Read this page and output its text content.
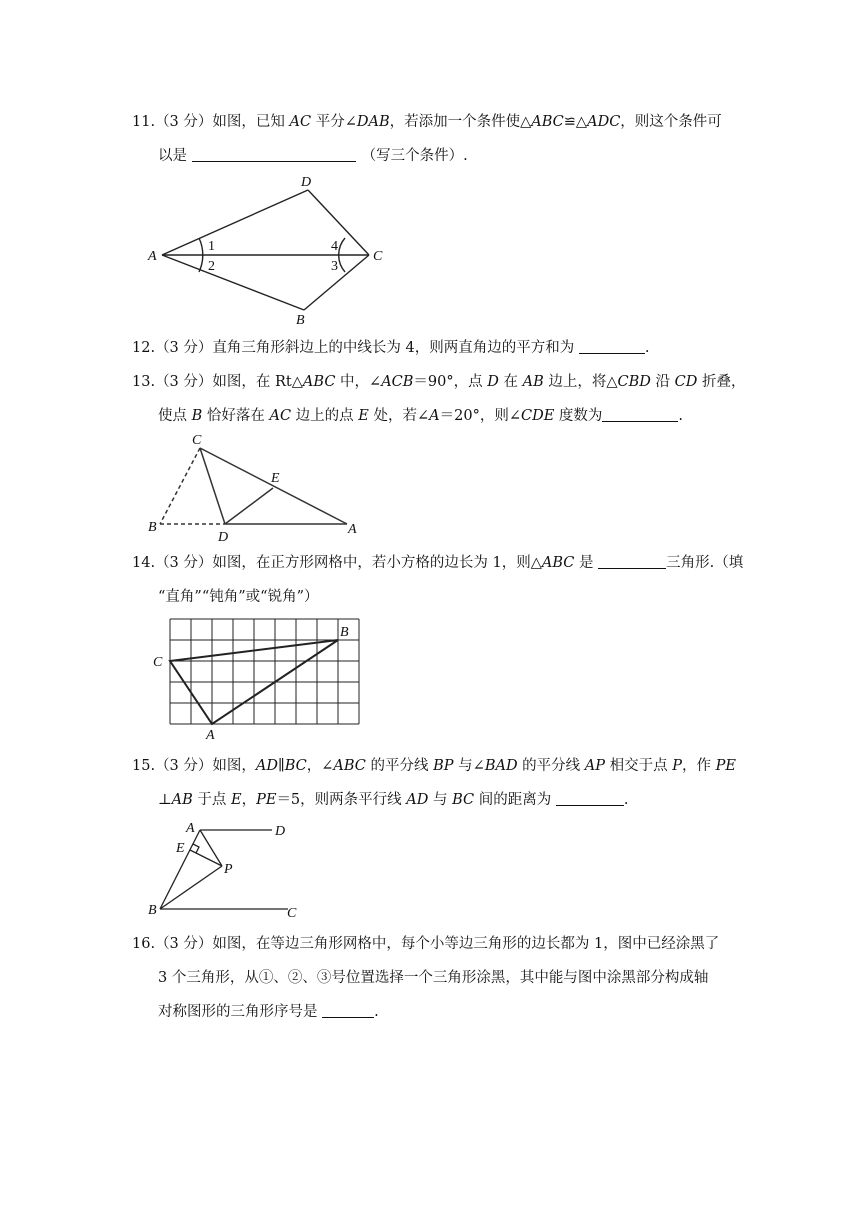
11.（3 分）如图，已知 AC 平分∠DAB，若添加一个条件使△ABC≌△ADC，则这个条件可
以是	（写三个条件）.
A
D
C
B
1
2	3
4
12.（3 分）直角三角形斜边上的中线长为 4，则两直角边的平方和为	.
13.（3 分）如图，在 Rt△ABC 中，∠ACB＝90°，点 D 在 AB 边上，将△CBD 沿 CD 折叠，
使点 B 恰好落在 AC 边上的点 E 处，若∠A＝20°，则∠CDE 度数为	.
C
E
B
D
A
14.（3 分）如图，在正方形网格中，若小方格的边长为 1，则△ABC 是	三角形.（填
“直角”“钝角”或“锐角”）
C
B
A
15.（3 分）如图，AD∥BC，∠ABC 的平分线 BP 与∠BAD 的平分线 AP 相交于点 P，作 PE
⊥AB 于点 E，PE＝5，则两条平行线 AD 与 BC 间的距离为	.
A	D
E
P
B	C
16.（3 分）如图，在等边三角形网格中，每个小等边三角形的边长都为 1，图中已经涂黑了
3 个三角形，从①、②、③号位置选择一个三角形涂黑，其中能与图中涂黑部分构成轴
对称图形的三角形序号是	.
